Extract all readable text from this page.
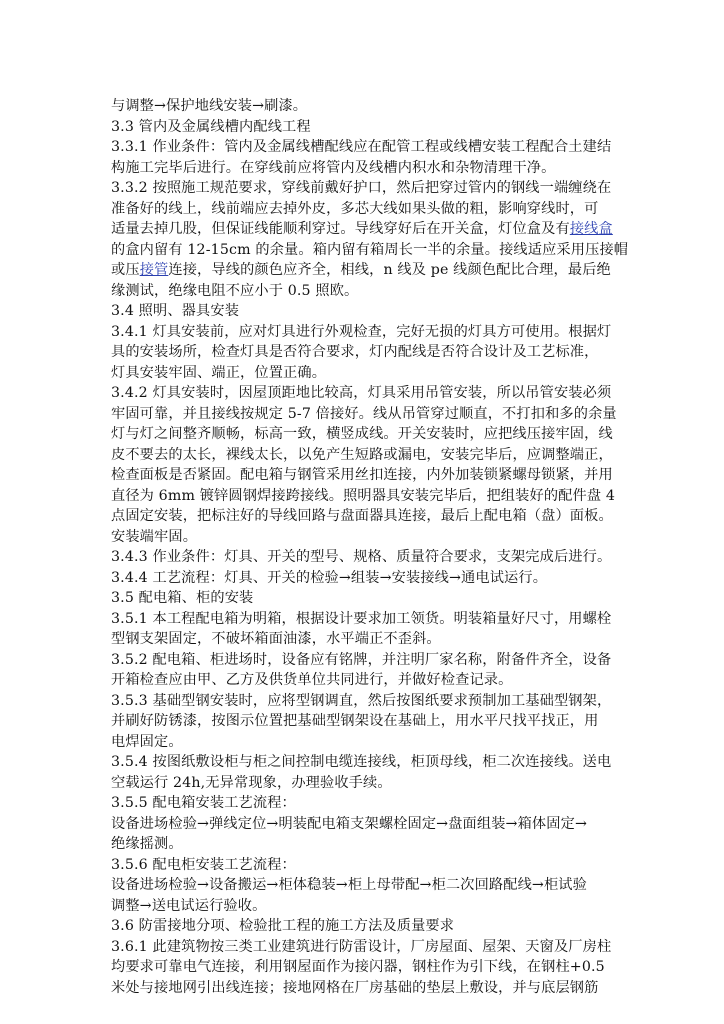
与调整→保护地线安装→刷漆。
3.3 管内及金属线槽内配线工程
3.3.1 作业条件：管内及金属线槽配线应在配管工程或线槽安装工程配合土建结
构施工完毕后进行。在穿线前应将管内及线槽内积水和杂物清理干净。
3.3.2 按照施工规范要求，穿线前戴好护口，然后把穿过管内的钢线一端缠绕在
准备好的线上，线前端应去掉外皮，多芯大线如果头做的粗，影响穿线时，可
适量去掉几股，但保证线能顺利穿过。导线穿好后在开关盒，灯位盒及有接线盒
的盒内留有 12-15cm 的余量。箱内留有箱周长一半的余量。接线适应采用压接帽
或压接管连接，导线的颜色应齐全，相线，n 线及 pe 线颜色配比合理，最后绝
缘测试，绝缘电阻不应小于 0.5 照欧。
3.4 照明、器具安装
3.4.1 灯具安装前，应对灯具进行外观检查，完好无损的灯具方可使用。根据灯
具的安装场所，检查灯具是否符合要求，灯内配线是否符合设计及工艺标准，
灯具安装牢固、端正，位置正确。
3.4.2 灯具安装时，因屋顶距地比较高，灯具采用吊管安装，所以吊管安装必须
牢固可靠，并且接线按规定 5-7 倍接好。线从吊管穿过顺直，不打扣和多的余量
灯与灯之间整齐顺畅，标高一致，横竖成线。开关安装时，应把线压接牢固，线
皮不要去的太长，裸线太长，以免产生短路或漏电，安装完毕后，应调整端正，
检查面板是否紧固。配电箱与钢管采用丝扣连接，内外加装锁紧螺母锁紧，并用
直径为 6mm 镀锌圆钢焊接跨接线。照明器具安装完毕后，把组装好的配件盘 4
点固定安装，把标注好的导线回路与盘面器具连接，最后上配电箱（盘）面板。
安装端牢固。
3.4.3 作业条件：灯具、开关的型号、规格、质量符合要求，支架完成后进行。
3.4.4 工艺流程：灯具、开关的检验→组装→安装接线→通电试运行。
3.5 配电箱、柜的安装
3.5.1 本工程配电箱为明箱，根据设计要求加工领货。明装箱量好尺寸，用螺栓
型钢支架固定，不破坏箱面油漆，水平端正不歪斜。
3.5.2 配电箱、柜进场时，设备应有铭牌，并注明厂家名称，附备件齐全，设备
开箱检查应由甲、乙方及供货单位共同进行，并做好检查记录。
3.5.3 基础型钢安装时，应将型钢调直，然后按图纸要求预制加工基础型钢架，
并刷好防锈漆，按图示位置把基础型钢架设在基础上，用水平尺找平找正，用
电焊固定。
3.5.4 按图纸敷设柜与柜之间控制电缆连接线，柜顶母线，柜二次连接线。送电
空载运行 24h,无异常现象，办理验收手续。
3.5.5 配电箱安装工艺流程：
设备进场检验→弹线定位→明装配电箱支架螺栓固定→盘面组装→箱体固定→
绝缘摇测。
3.5.6 配电柜安装工艺流程：
设备进场检验→设备搬运→柜体稳装→柜上母带配→柜二次回路配线→柜试验
调整→送电试运行验收。
3.6 防雷接地分项、检验批工程的施工方法及质量要求
3.6.1 此建筑物按三类工业建筑进行防雷设计，厂房屋面、屋架、天窗及厂房柱
均要求可靠电气连接，利用钢屋面作为接闪器，钢柱作为引下线，在钢柱+0.5
米处与接地网引出线连接；接地网格在厂房基础的垫层上敷设，并与底层钢筋
